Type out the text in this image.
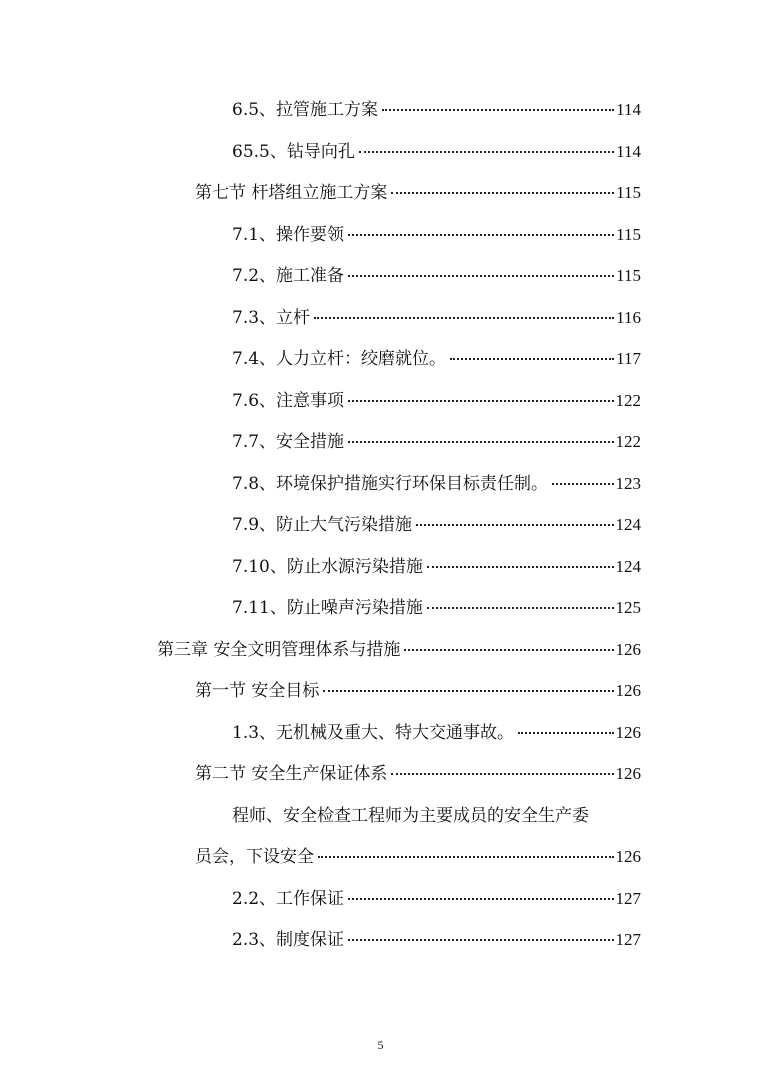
6.5、拉管施工方案	114
65.5、钻导向孔	114
第七节 杆塔组立施工方案	115
7.1、操作要领	115
7.2、施工准备	115
7.3、立杆	116
7.4、人力立杆：绞磨就位。	117
7.6、注意事项	122
7.7、安全措施	122
7.8、环境保护措施实行环保目标责任制。	123
7.9、防止大气污染措施	124
7.10、防止水源污染措施	124
7.11、防止噪声污染措施	125
第三章 安全文明管理体系与措施	126
第一节 安全目标	126
1.3、无机械及重大、特大交通事故。	126
第二节 安全生产保证体系	126
程师、安全检查工程师为主要成员的安全生产委
员会，下设安全	126
2.2、工作保证	127
2.3、制度保证	127
5
